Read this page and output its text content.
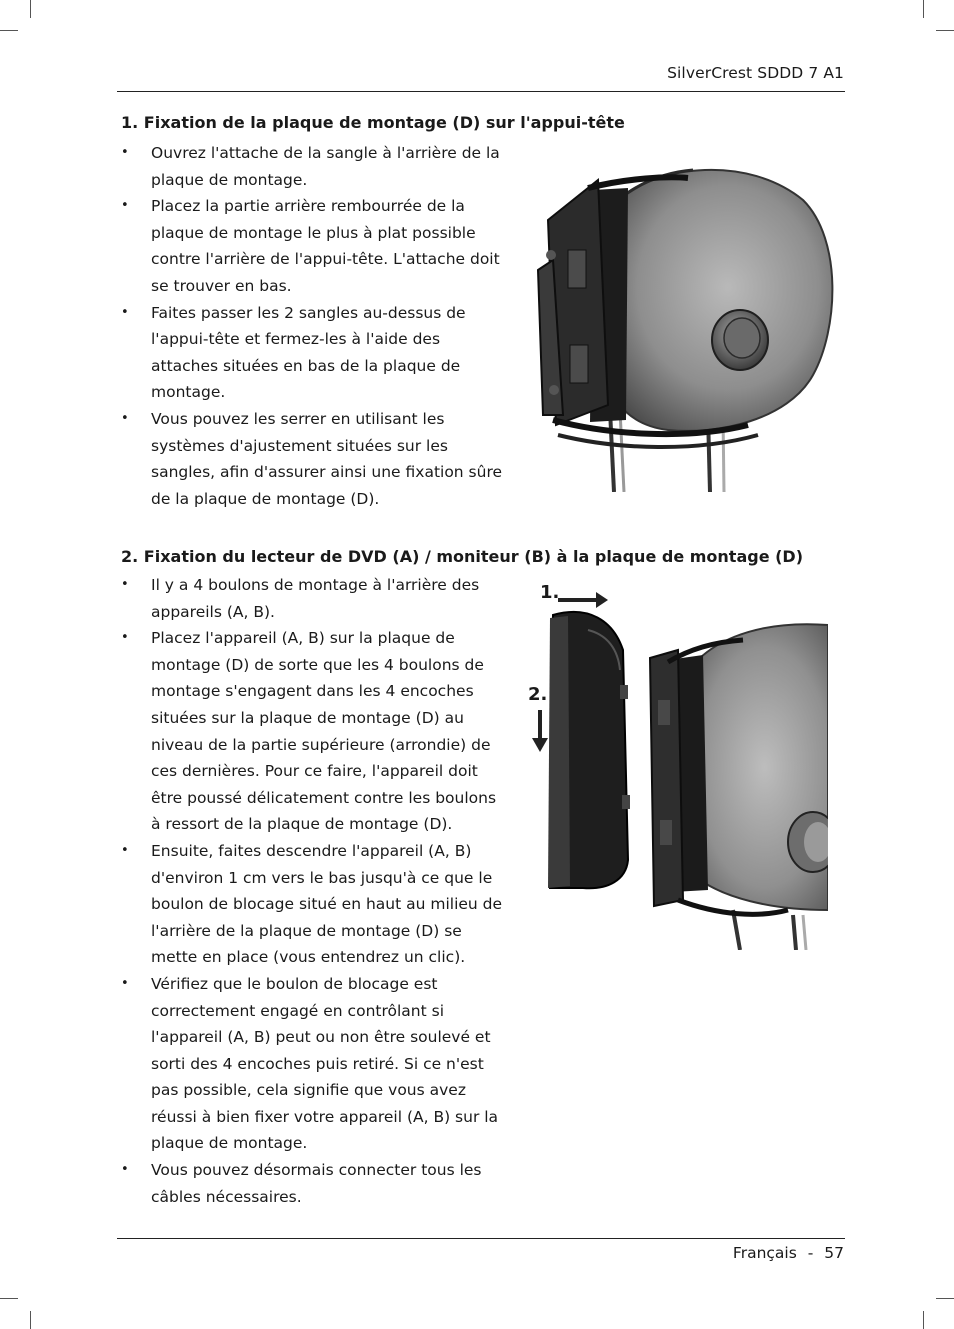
SilverCrest SDDD 7 A1
1. Fixation de la plaque de montage (D) sur l'appui-tête
• Ouvrez l'attache de la sangle à l'arrière de la plaque de montage.
• Placez la partie arrière rembourrée de la plaque de montage le plus à plat possible contre l'arrière de l'appui-tête. L'attache doit se trouver en bas.
• Faites passer les 2 sangles au-dessus de l'appui-tête et fermez-les à l'aide des attaches situées en bas de la plaque de montage.
• Vous pouvez les serrer en utilisant les systèmes d'ajustement situées sur les sangles, afin d'assurer ainsi une fixation sûre de la plaque de montage (D).
2. Fixation du lecteur de DVD (A) / moniteur (B) à la plaque de montage (D)
• Il y a 4 boulons de montage à l'arrière des appareils (A, B).
• Placez l'appareil (A, B) sur la plaque de montage (D) de sorte que les 4 boulons de montage s'engagent dans les 4 encoches situées sur la plaque de montage (D) au niveau de la partie supérieure (arrondie) de ces dernières. Pour ce faire, l'appareil doit être poussé délicatement contre les boulons à ressort de la plaque de montage (D).
• Ensuite, faites descendre l'appareil (A, B) d'environ 1 cm vers le bas jusqu'à ce que le boulon de blocage situé en haut au milieu de l'arrière de la plaque de montage (D) se mette en place (vous entendrez un clic).
• Vérifiez que le boulon de blocage est correctement engagé en contrôlant si l'appareil (A, B) peut ou non être soulevé et sorti des 4 encoches puis retiré. Si ce n'est pas possible, cela signifie que vous avez réussi à bien fixer votre appareil (A, B) sur la plaque de montage.
• Vous pouvez désormais connecter tous les câbles nécessaires.
1.
2.
Français - 57
